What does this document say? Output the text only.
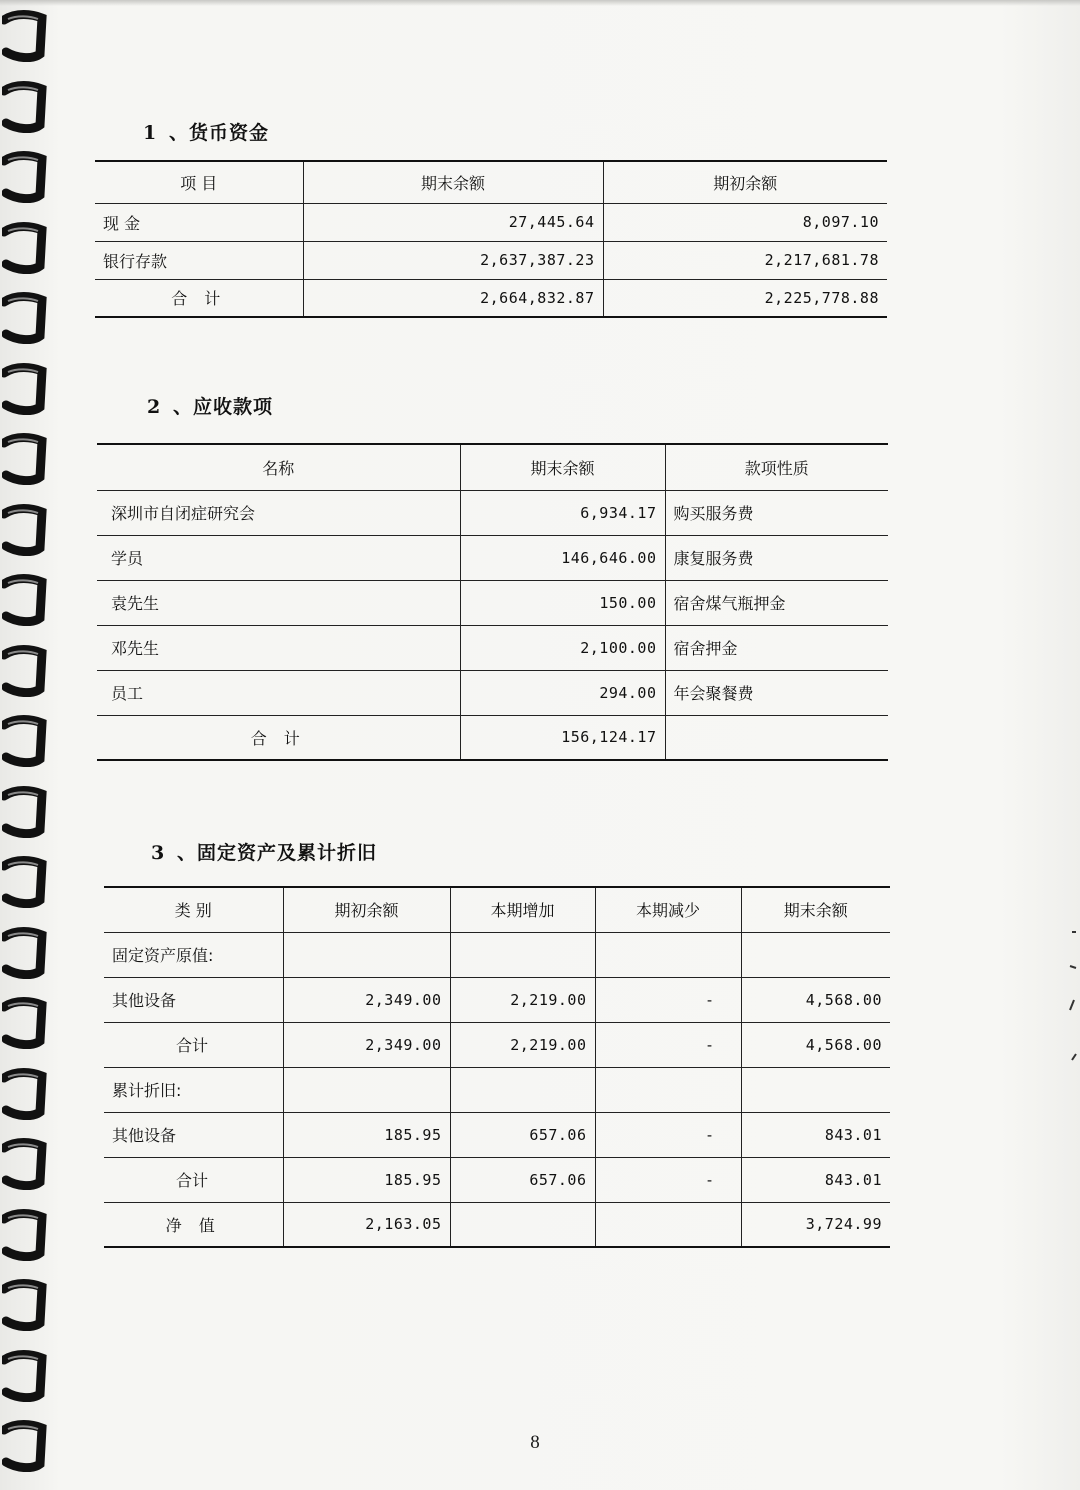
1 、货币资金
项 目	期末余额	期初余额
现 金	27,445.64	8,097.10
银行存款	2,637,387.23	2,217,681.78
合 计	2,664,832.87	2,225,778.88
2 、应收款项
名称	期末余额	款项性质
深圳市自闭症研究会	6,934.17	购买服务费
学员	146,646.00	康复服务费
袁先生	150.00	宿舍煤气瓶押金
邓先生	2,100.00	宿舍押金
员工	294.00	年会聚餐费
合 计	156,124.17	
3 、固定资产及累计折旧
类 别	期初余额	本期增加	本期减少	期末余额
固定资产原值:				
其他设备	2,349.00	2,219.00	-	4,568.00
合计	2,349.00	2,219.00	-	4,568.00
累计折旧:				
其他设备	185.95	657.06	-	843.01
合计	185.95	657.06	-	843.01
净 值	2,163.05			3,724.99
8
